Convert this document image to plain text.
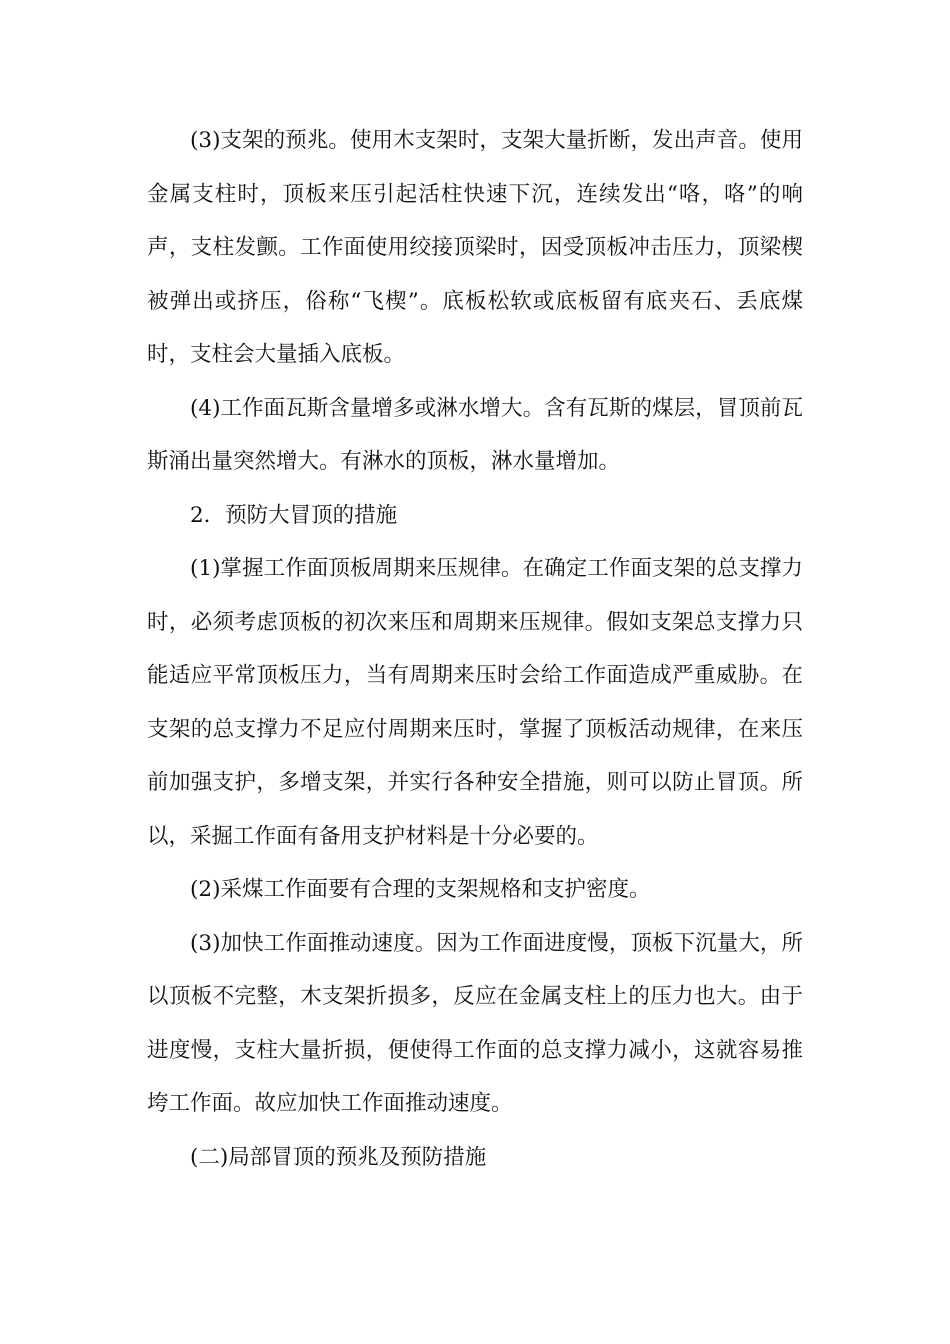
(3)支架的预兆。使用木支架时，支架大量折断，发出声音。使用金属支柱时，顶板来压引起活柱快速下沉，连续发出“咯，咯”的响声，支柱发颤。工作面使用绞接顶梁时，因受顶板冲击压力，顶梁楔被弹出或挤压，俗称“飞楔”。底板松软或底板留有底夹石、丢底煤时，支柱会大量插入底板。

(4)工作面瓦斯含量增多或淋水增大。含有瓦斯的煤层，冒顶前瓦斯涌出量突然增大。有淋水的顶板，淋水量增加。

2．预防大冒顶的措施

(1)掌握工作面顶板周期来压规律。在确定工作面支架的总支撑力时，必须考虑顶板的初次来压和周期来压规律。假如支架总支撑力只能适应平常顶板压力，当有周期来压时会给工作面造成严重威胁。在支架的总支撑力不足应付周期来压时，掌握了顶板活动规律，在来压前加强支护，多增支架，并实行各种安全措施，则可以防止冒顶。所以，采掘工作面有备用支护材料是十分必要的。

(2)采煤工作面要有合理的支架规格和支护密度。

(3)加快工作面推动速度。因为工作面进度慢，顶板下沉量大，所以顶板不完整，木支架折损多，反应在金属支柱上的压力也大。由于进度慢，支柱大量折损，便使得工作面的总支撑力减小，这就容易推垮工作面。故应加快工作面推动速度。

(二)局部冒顶的预兆及预防措施
